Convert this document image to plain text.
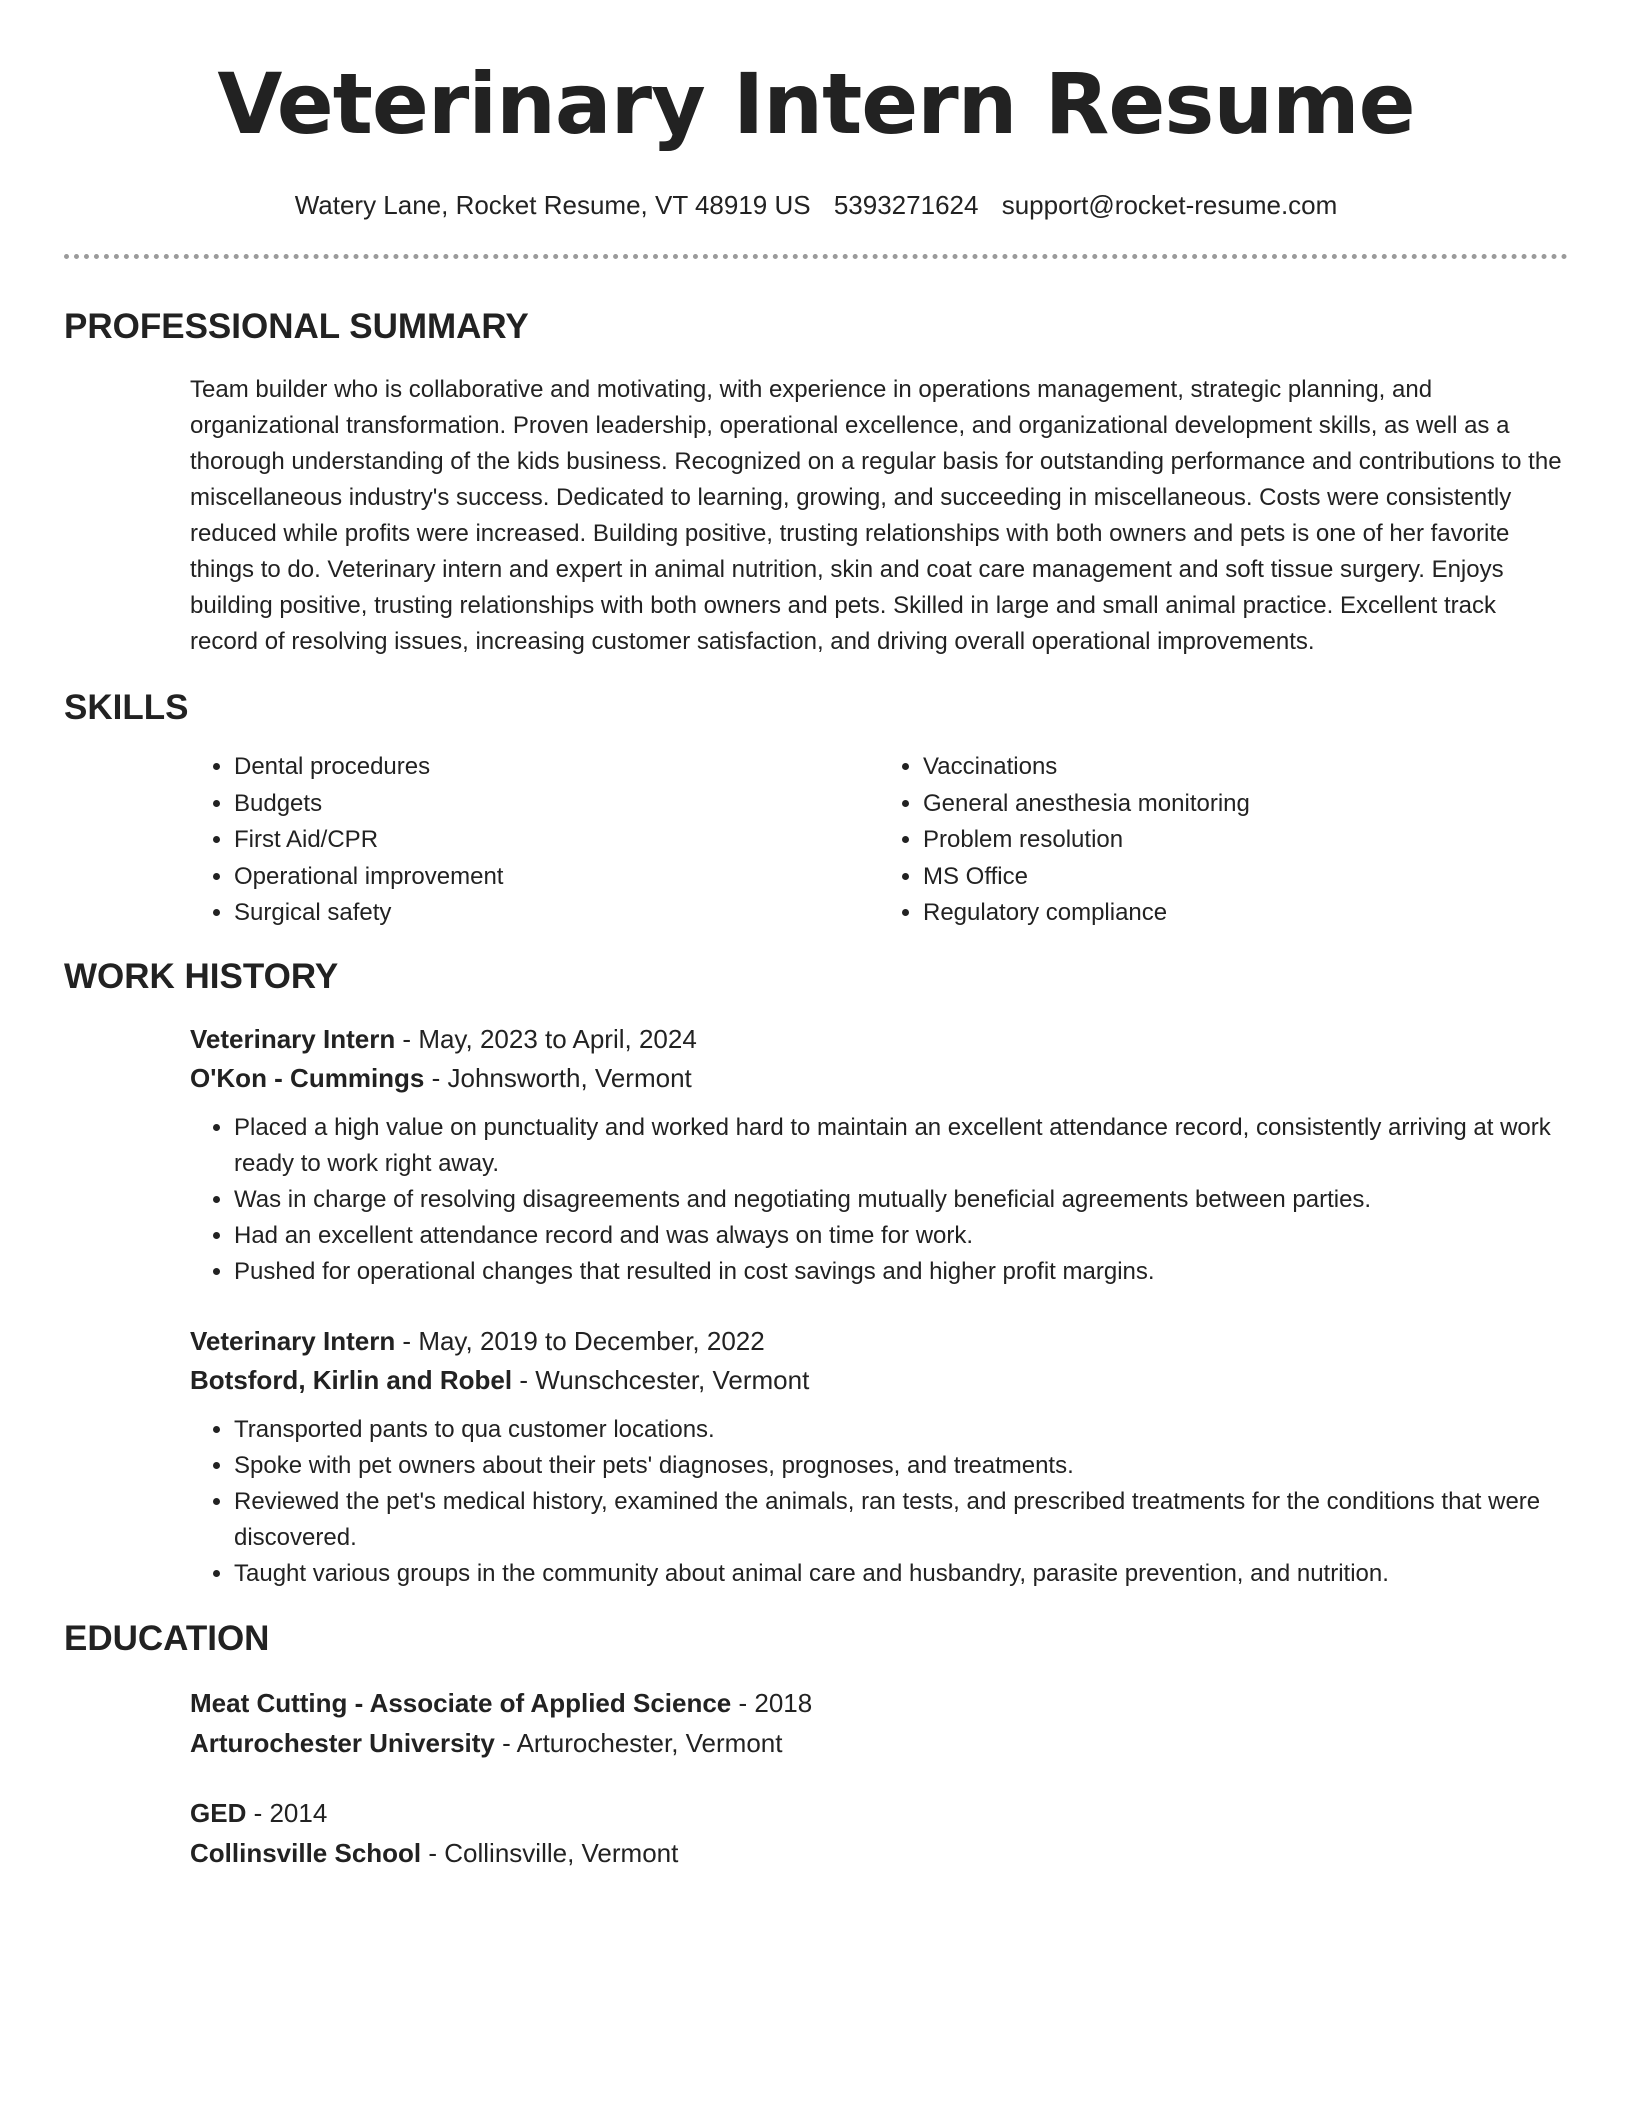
Veterinary Intern Resume
Watery Lane, Rocket Resume, VT 48919 US 5393271624 support@rocket-resume.com
PROFESSIONAL SUMMARY

Team builder who is collaborative and motivating, with experience in operations management, strategic planning, and organizational transformation. Proven leadership, operational excellence, and organizational development skills, as well as a thorough understanding of the kids business. Recognized on a regular basis for outstanding performance and contributions to the miscellaneous industry's success. Dedicated to learning, growing, and succeeding in miscellaneous. Costs were consistently reduced while profits were increased. Building positive, trusting relationships with both owners and pets is one of her favorite things to do. Veterinary intern and expert in animal nutrition, skin and coat care management and soft tissue surgery. Enjoys building positive, trusting relationships with both owners and pets. Skilled in large and small animal practice. Excellent track record of resolving issues, increasing customer satisfaction, and driving overall operational improvements.

SKILLS
• Dental procedures
• Budgets
• First Aid/CPR
• Operational improvement
• Surgical safety
• Vaccinations
• General anesthesia monitoring
• Problem resolution
• MS Office
• Regulatory compliance
WORK HISTORY
Veterinary Intern - May, 2023 to April, 2024
O'Kon - Cummings - Johnsworth, Vermont
• Placed a high value on punctuality and worked hard to maintain an excellent attendance record, consistently arriving at work ready to work right away.
• Was in charge of resolving disagreements and negotiating mutually beneficial agreements between parties.
• Had an excellent attendance record and was always on time for work.
• Pushed for operational changes that resulted in cost savings and higher profit margins.
Veterinary Intern - May, 2019 to December, 2022
Botsford, Kirlin and Robel - Wunschcester, Vermont
• Transported pants to qua customer locations.
• Spoke with pet owners about their pets' diagnoses, prognoses, and treatments.
• Reviewed the pet's medical history, examined the animals, ran tests, and prescribed treatments for the conditions that were discovered.
• Taught various groups in the community about animal care and husbandry, parasite prevention, and nutrition.
EDUCATION
Meat Cutting - Associate of Applied Science - 2018
Arturochester University - Arturochester, Vermont
GED - 2014
Collinsville School - Collinsville, Vermont
